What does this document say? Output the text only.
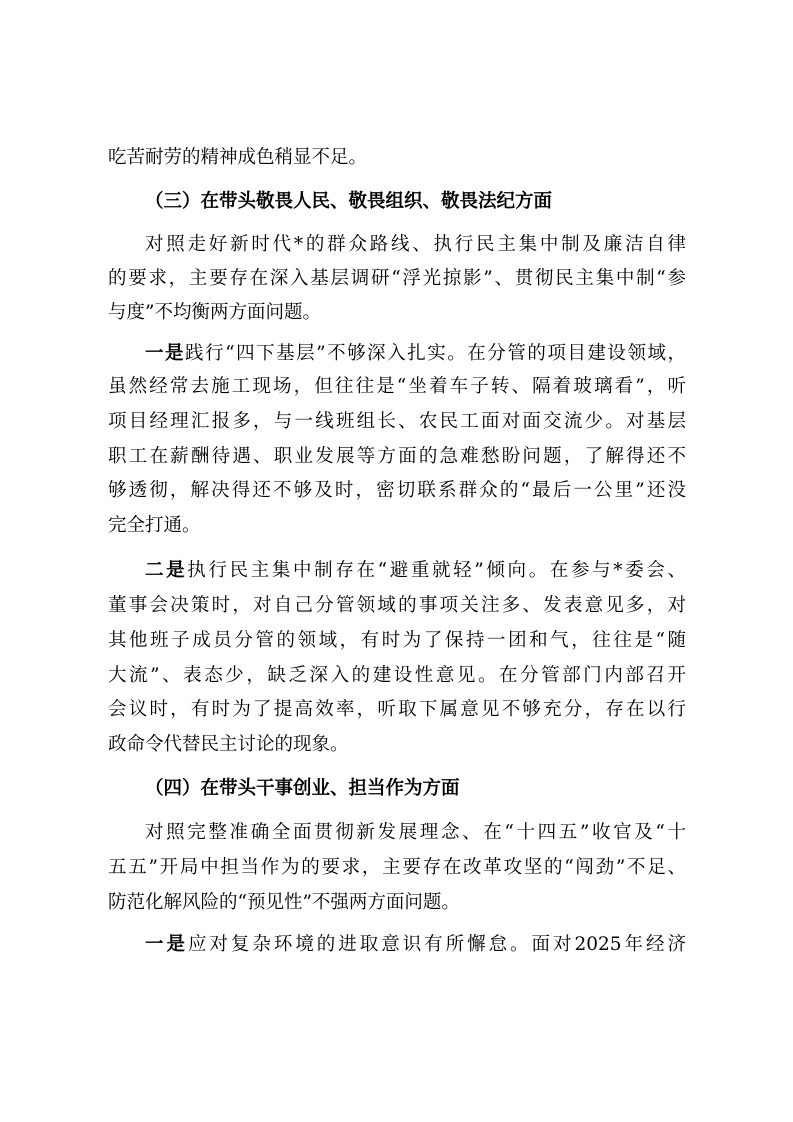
吃苦耐劳的精神成色稍显不足。
（三）在带头敬畏人民、敬畏组织、敬畏法纪方面
对照走好新时代*的群众路线、执行民主集中制及廉洁自律
的要求，主要存在深入基层调研“浮光掠影”、贯彻民主集中制“参
与度”不均衡两方面问题。
一是践行“四下基层”不够深入扎实。在分管的项目建设领域，
虽然经常去施工现场，但往往是“坐着车子转、隔着玻璃看”，听
项目经理汇报多，与一线班组长、农民工面对面交流少。对基层
职工在薪酬待遇、职业发展等方面的急难愁盼问题，了解得还不
够透彻，解决得还不够及时，密切联系群众的“最后一公里”还没
完全打通。
二是执行民主集中制存在“避重就轻”倾向。在参与*委会、
董事会决策时，对自己分管领域的事项关注多、发表意见多，对
其他班子成员分管的领域，有时为了保持一团和气，往往是“随
大流”、表态少，缺乏深入的建设性意见。在分管部门内部召开
会议时，有时为了提高效率，听取下属意见不够充分，存在以行
政命令代替民主讨论的现象。
（四）在带头干事创业、担当作为方面
对照完整准确全面贯彻新发展理念、在“十四五”收官及“十
五五”开局中担当作为的要求，主要存在改革攻坚的“闯劲”不足、
防范化解风险的“预见性”不强两方面问题。
一是应对复杂环境的进取意识有所懈怠。面对2025年经济
